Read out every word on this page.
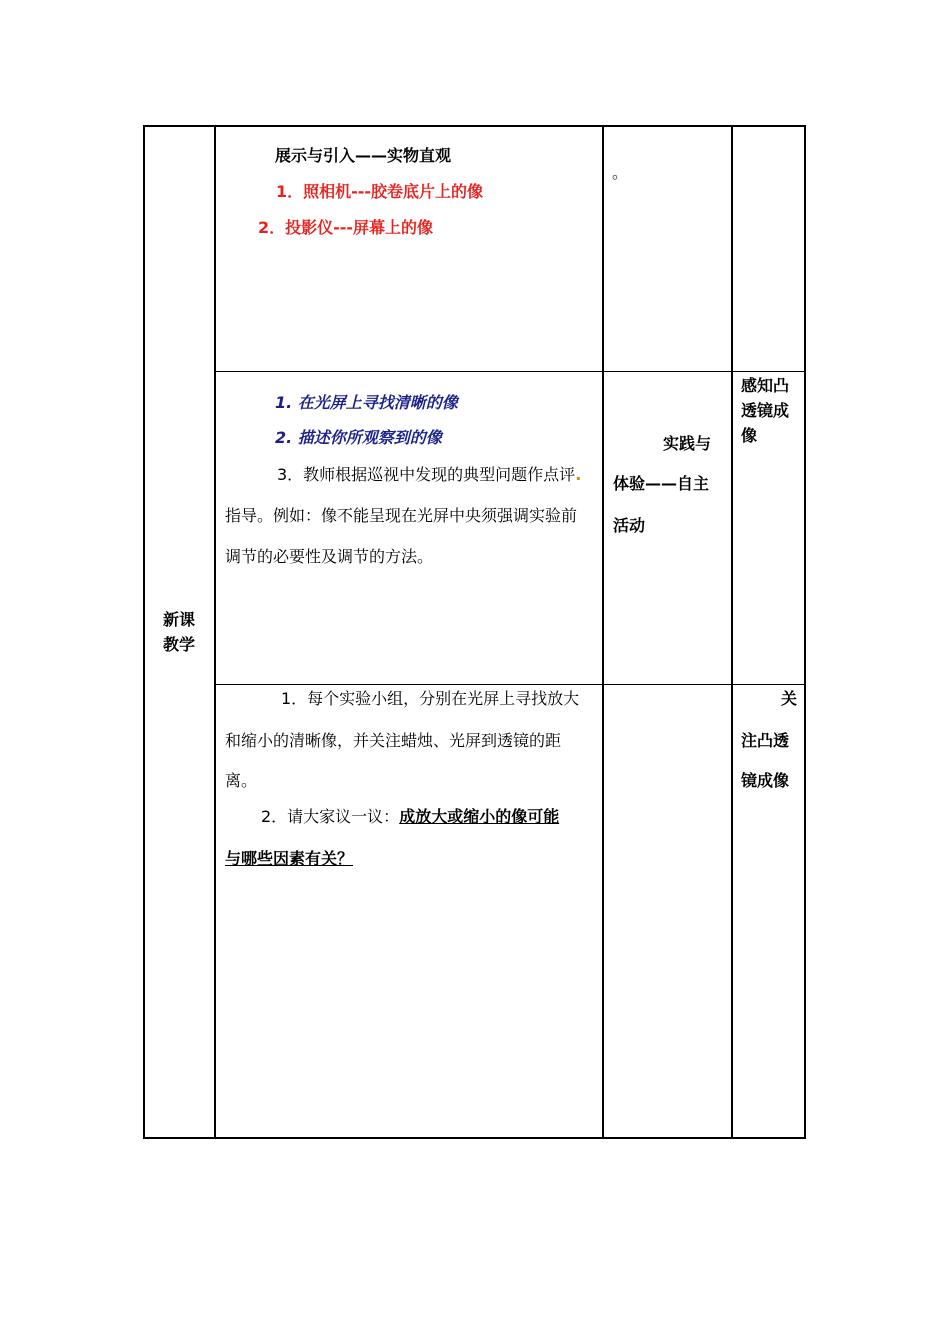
新课
教学
展示与引入——实物直观
1．照相机---胶卷底片上的像
2．投影仪---屏幕上的像
。
1. 在光屏上寻找清晰的像
2. 描述你所观察到的像
3．教师根据巡视中发现的典型问题作点评.
指导。例如：像不能呈现在光屏中央须强调实验前
调节的必要性及调节的方法。
实践与
体验——自主
活动
感知凸
透镜成
像
1．每个实验小组，分别在光屏上寻找放大
和缩小的清晰像，并关注蜡烛、光屏到透镜的距
离。
2．请大家议一议：成放大或缩小的像可能
与哪些因素有关？
关
注凸透
镜成像
